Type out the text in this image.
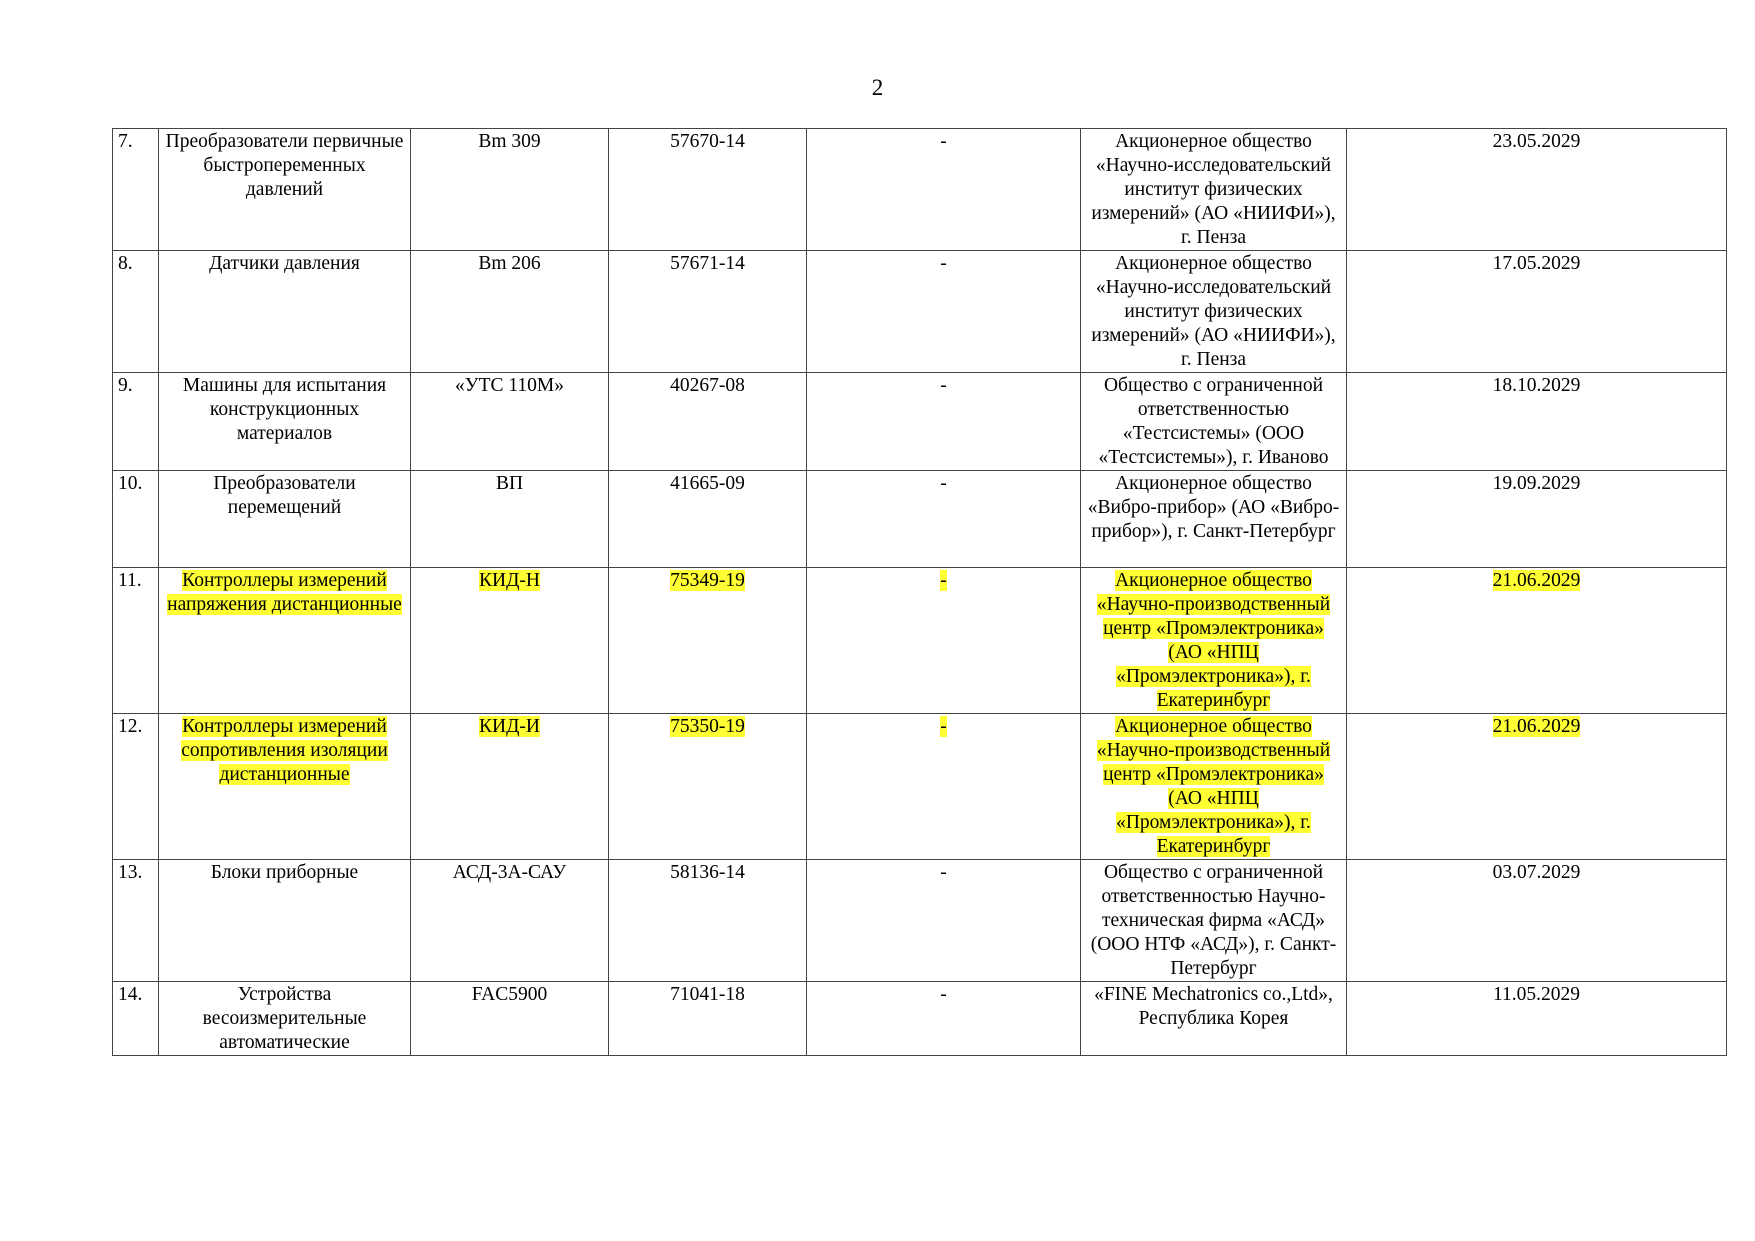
2
7.	Преобразователи первичные быстропеременных давлений	Bm 309	57670-14	-	Акционерное общество «Научно-исследовательский институт физических измерений» (АО «НИИФИ»), г. Пенза	23.05.2029
8.	Датчики давления	Bm 206	57671-14	-	Акционерное общество «Научно-исследовательский институт физических измерений» (АО «НИИФИ»), г. Пенза	17.05.2029
9.	Машины для испытания конструкционных материалов	«УТС 110М»	40267-08	-	Общество с ограниченной ответственностью «Тестсистемы» (ООО «Тестсистемы»), г. Иваново	18.10.2029
10.	Преобразователи перемещений	ВП	41665-09	-	Акционерное общество «Вибро-прибор» (АО «Вибро-прибор»), г. Санкт-Петербург	19.09.2029
11.	Контроллеры измерений напряжения дистанционные	КИД-Н	75349-19	-	Акционерное общество «Научно-производственный центр «Промэлектроника» (АО «НПЦ «Промэлектроника»), г. Екатеринбург	21.06.2029
12.	Контроллеры измерений сопротивления изоляции дистанционные	КИД-И	75350-19	-	Акционерное общество «Научно-производственный центр «Промэлектроника» (АО «НПЦ «Промэлектроника»), г. Екатеринбург	21.06.2029
13.	Блоки приборные	АСД-3А-САУ	58136-14	-	Общество с ограниченной ответственностью Научно-техническая фирма «АСД» (ООО НТФ «АСД»), г. Санкт-Петербург	03.07.2029
14.	Устройства весоизмерительные автоматические	FAC5900	71041-18	-	«FINE Mechatronics co.,Ltd», Республика Корея	11.05.2029
